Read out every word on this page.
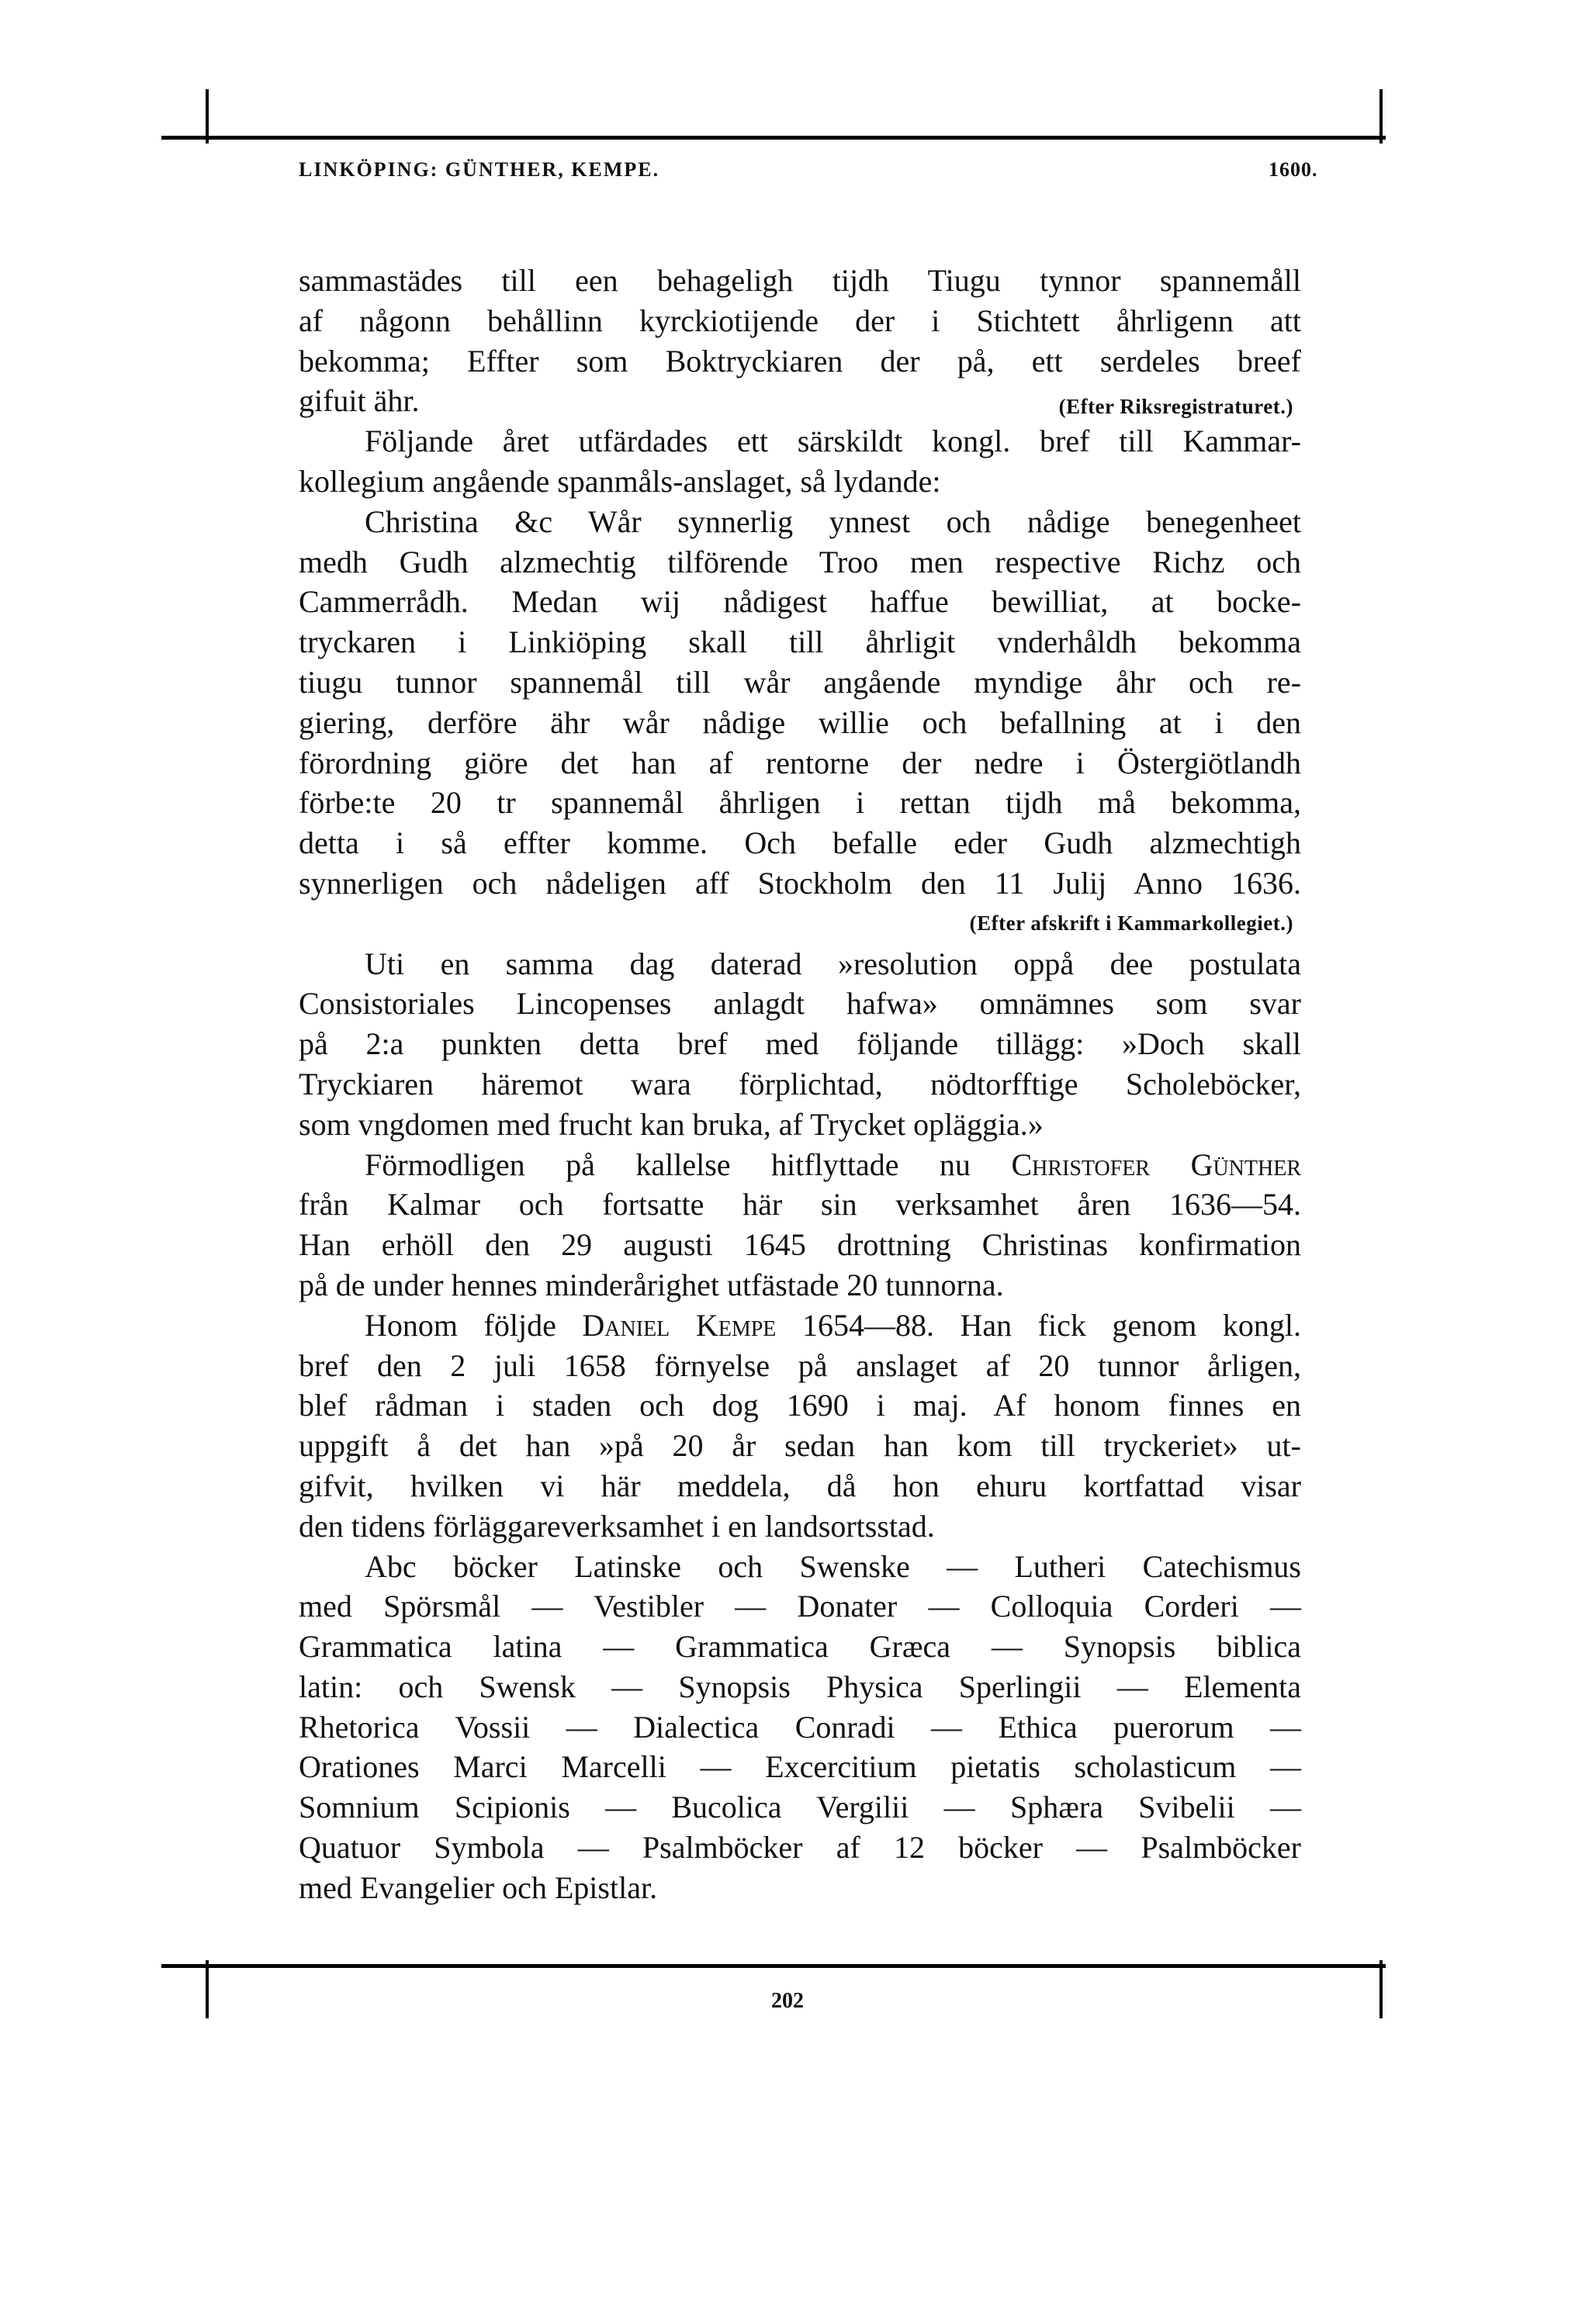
LINKÖPING: GÜNTHER, KEMPE.	1600.
sammastädes till een behageligh tijdh Tiugu tynnor spannemåll
af någonn behållinn kyrckiotijende der i Stichtett åhrligenn att
bekomma; Effter som Boktryckiaren der på, ett serdeles breef
gifuit ähr.	(Efter Riksregistraturet.)
Följande året utfärdades ett särskildt kongl. bref till Kammar-
kollegium angående spanmåls-anslaget, så lydande:
Christina &c Wår synnerlig ynnest och nådige benegenheet
medh Gudh alzmechtig tilförende Troo men respective Richz och
Cammerrådh. Medan wij nådigest haffue bewilliat, at bocke-
tryckaren i Linkiöping skall till åhrligit vnderhåldh bekomma
tiugu tunnor spannemål till wår angående myndige åhr och re-
giering, derföre ähr wår nådige willie och befallning at i den
förordning giöre det han af rentorne der nedre i Östergiötlandh
förbe:te 20 tr spannemål åhrligen i rettan tijdh må bekomma,
detta i så effter komme. Och befalle eder Gudh alzmechtigh
synnerligen och nådeligen aff Stockholm den 11 Julij Anno 1636.
(Efter afskrift i Kammarkollegiet.)
Uti en samma dag daterad »resolution oppå dee postulata
Consistoriales Lincopenses anlagdt hafwa» omnämnes som svar
på 2:a punkten detta bref med följande tillägg: »Doch skall
Tryckiaren häremot wara förplichtad, nödtorfftige Scholeböcker,
som vngdomen med frucht kan bruka, af Trycket opläggia.»
Förmodligen på kallelse hitflyttade nu Christofer Günther
från Kalmar och fortsatte här sin verksamhet åren 1636—54.
Han erhöll den 29 augusti 1645 drottning Christinas konfirmation
på de under hennes minderårighet utfästade 20 tunnorna.
Honom följde Daniel Kempe 1654—88. Han fick genom kongl.
bref den 2 juli 1658 förnyelse på anslaget af 20 tunnor årligen,
blef rådman i staden och dog 1690 i maj. Af honom finnes en
uppgift å det han »på 20 år sedan han kom till tryckeriet» ut-
gifvit, hvilken vi här meddela, då hon ehuru kortfattad visar
den tidens förläggareverksamhet i en landsortsstad.
Abc böcker Latinske och Swenske — Lutheri Catechismus
med Spörsmål — Vestibler — Donater — Colloquia Corderi —
Grammatica latina — Grammatica Græca — Synopsis biblica
latin: och Swensk — Synopsis Physica Sperlingii — Elementa
Rhetorica Vossii — Dialectica Conradi — Ethica puerorum —
Orationes Marci Marcelli — Excercitium pietatis scholasticum —
Somnium Scipionis — Bucolica Vergilii — Sphæra Svibelii —
Quatuor Symbola — Psalmböcker af 12 böcker — Psalmböcker
med Evangelier och Epistlar.
202
